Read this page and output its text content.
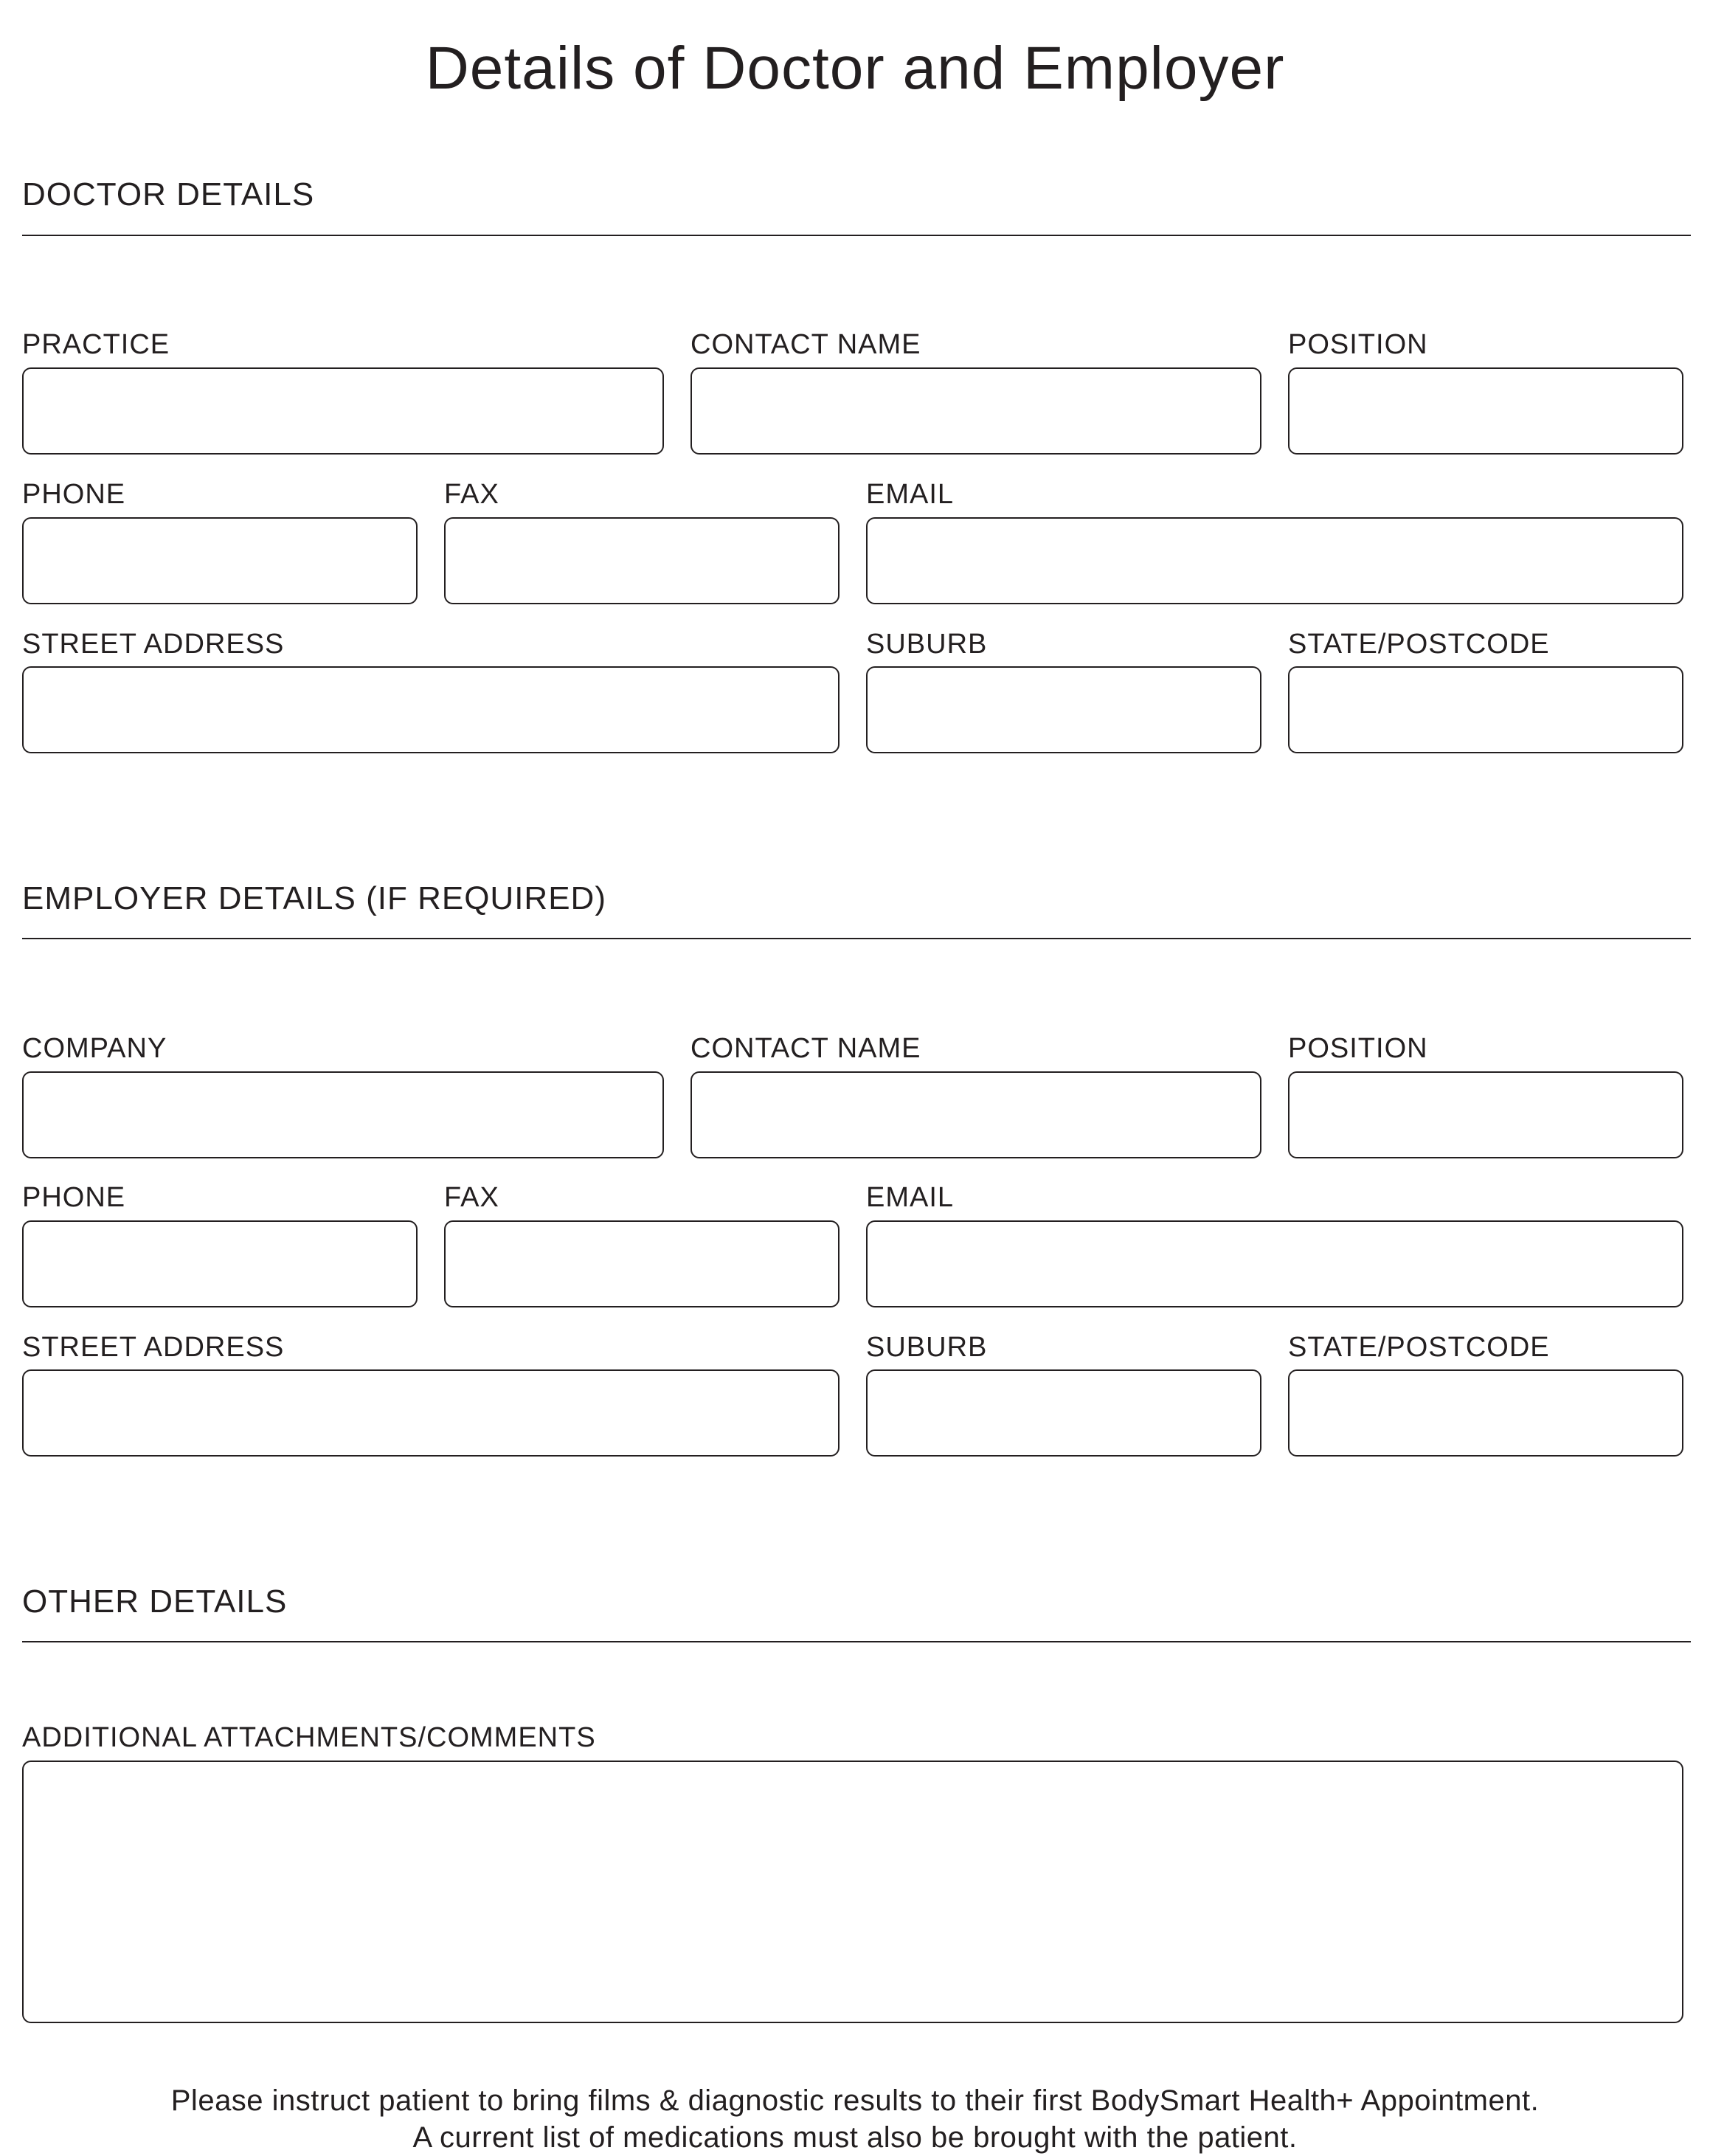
Details of Doctor and Employer
DOCTOR DETAILS
PRACTICE	CONTACT NAME	POSITION
PHONE	FAX	EMAIL
STREET ADDRESS	SUBURB	STATE/POSTCODE
EMPLOYER DETAILS (IF REQUIRED)
COMPANY	CONTACT NAME	POSITION
PHONE	FAX	EMAIL
STREET ADDRESS	SUBURB	STATE/POSTCODE
OTHER DETAILS
ADDITIONAL ATTACHMENTS/COMMENTS
Please instruct patient to bring films & diagnostic results to their first BodySmart Health+ Appointment.
A current list of medications must also be brought with the patient.
